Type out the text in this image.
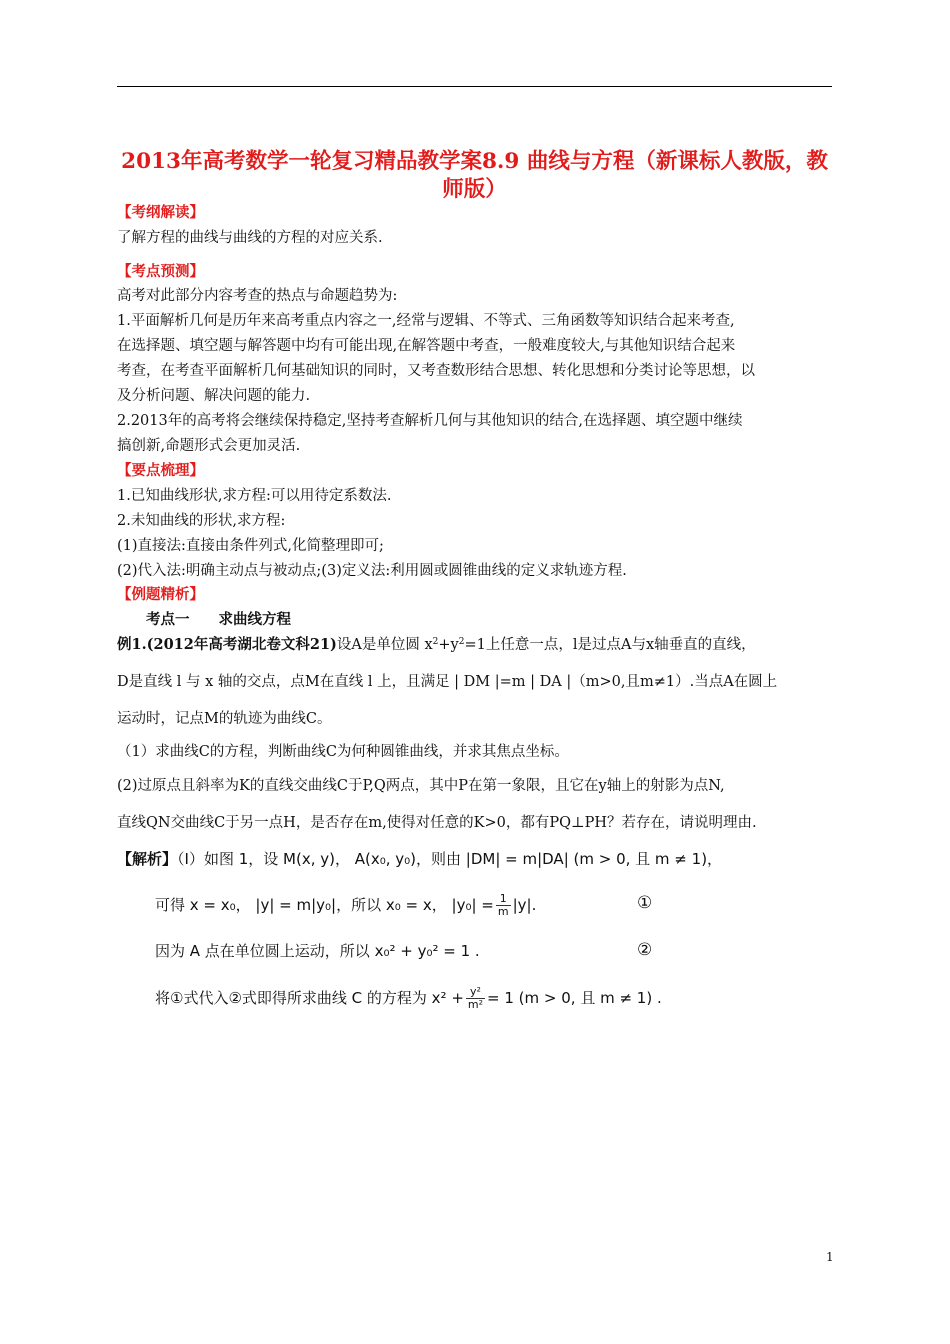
2013年高考数学一轮复习精品教学案8.9 曲线与方程（新课标人教版，教师版）
【考纲解读】
了解方程的曲线与曲线的方程的对应关系.
【考点预测】
高考对此部分内容考查的热点与命题趋势为:
1.平面解析几何是历年来高考重点内容之一,经常与逻辑、不等式、三角函数等知识结合起来考查,
在选择题、填空题与解答题中均有可能出现,在解答题中考查，一般难度较大,与其他知识结合起来
考查，在考查平面解析几何基础知识的同时，又考查数形结合思想、转化思想和分类讨论等思想，以
及分析问题、解决问题的能力.
2.2013年的高考将会继续保持稳定,坚持考查解析几何与其他知识的结合,在选择题、填空题中继续
搞创新,命题形式会更加灵活.
【要点梳理】
1.已知曲线形状,求方程:可以用待定系数法.
2.未知曲线的形状,求方程:
(1)直接法:直接由条件列式,化简整理即可;
(2)代入法:明确主动点与被动点;(3)定义法:利用圆或圆锥曲线的定义求轨迹方程.
【例题精析】
考点一　　求曲线方程
例1.(2012年高考湖北卷文科21)设A是单位圆 $x^2+y^2=1$上任意一点，l是过点A与x轴垂直的直线，
D是直线 l 与 x 轴的交点，点M在直线 l 上，且满足 | DM |=m | DA |（m>0,且m≠1）.当点A在圆上
运动时，记点M的轨迹为曲线C。
（1）求曲线C的方程，判断曲线C为何种圆锥曲线，并求其焦点坐标。
(2)过原点且斜率为K的直线交曲线C于P,Q两点，其中P在第一象限，且它在y轴上的射影为点N,
直线QN交曲线C于另一点H，是否存在m,使得对任意的K>0，都有PQ⊥PH？若存在，请说明理由.
【解析】（Ⅰ）如图 1，设 M(x, y)， A(x₀, y₀)，则由 |DM| = m|DA| (m > 0, 且 m ≠ 1)，
可得 x = x₀， |y| = m|y₀|，所以 x₀ = x， $|y_0| = \frac{1}{m} |y|$.	①
因为 A 点在单位圆上运动，所以 x₀² + y₀² = 1 .	②
将①式代入②式即得所求曲线 C 的方程为 $x^2 + \frac{\text{y²}}{\text{m²}} = 1$ (m > 0, 且 m ≠ 1) .
1
